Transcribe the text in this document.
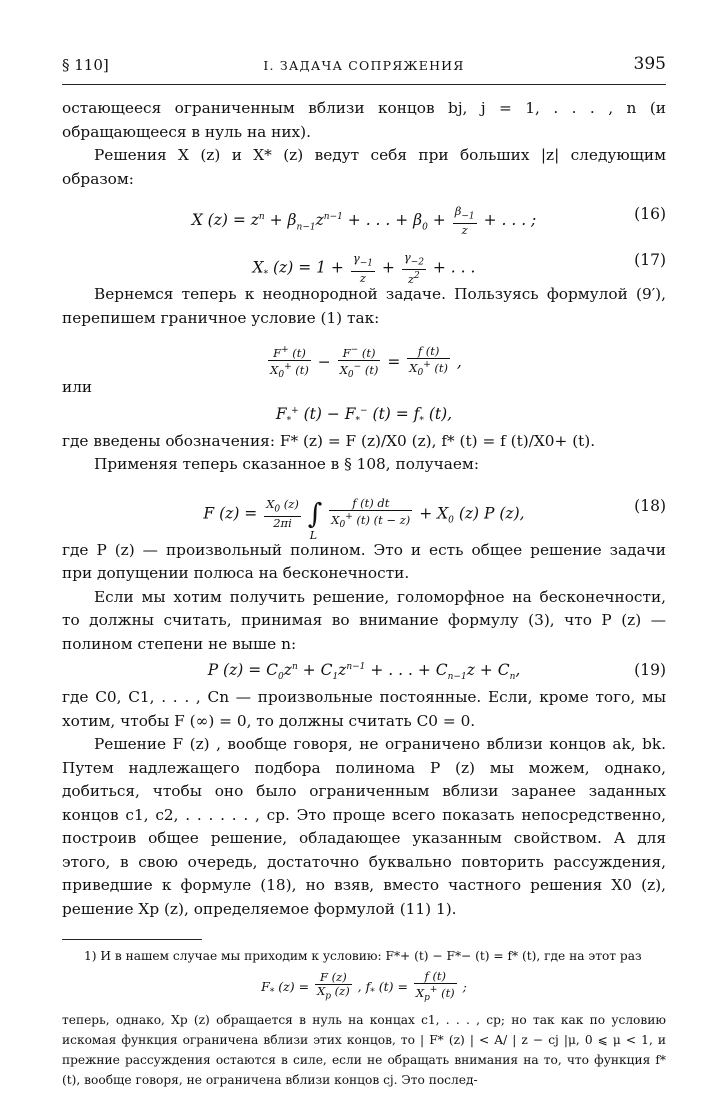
§ 110]	I. ЗАДАЧА СОПРЯЖЕНИЯ	395

остающееся ограниченным вблизи концов bj, j = 1, . . . , n (и обращающееся в нуль на них).

Решения X (z) и X* (z) ведут себя при больших |z| следующим образом:

X $(z) = z^n + \beta_{n-1}z^{n-1}$ + . . . + $\beta_0 + \frac{\beta_{-1}}{z}$ + . . . ;	(16)
$X_*$ $(z) = 1 + \frac{\gamma_{-1}}{z} + \frac{\gamma_{-2}}{z^2}$ + . . .	(17)

Вернемся теперь к неоднородной задаче. Пользуясь формулой (9′), перепишем граничное условие (1) так:

$\frac{F^+ (t)}{X_0^+ (t)} - \frac{F^- (t)}{X_0^- (t)} = \frac{f (t)}{X_0^+ (t)}$ ,

или

$F_*^+$ $(t) - F_*^-$ $(t) = f_*$ (t),

где введены обозначения: F* (z) = F (z)/X0 (z), f* (t) = f (t)/X0+ (t).

Применяя теперь сказанное в § 108, получаем:

F $(z) = \frac{X_0 (z)}{2\pi i}$ ∫
L

$\frac{f (t) dt}{X_0^+ (t) (t - z)} + X_0$ (z) P (z),	(18)

где P (z) — произвольный полином. Это и есть общее решение задачи при допущении полюса на бесконечности.

Если мы хотим получить решение, голоморфное на бесконечности, то должны считать, принимая во внимание формулу (3), что P (z) — полином степени не выше n:

P $(z) = C_0z^n + C_1z^{n-1}$ + . . . + $C_{n-1}z + C_n$,	(19)

где C0, C1, . . . , Cn — произвольные постоянные. Если, кроме того, мы хотим, чтобы F (∞) = 0, то должны считать C0 = 0.

Решение F (z) , вообще говоря, не ограничено вблизи концов ak, bk. Путем надлежащего подбора полинома P (z) мы можем, однако, добиться, чтобы оно было ограниченным вблизи заранее заданных концов c1, c2, . . . . . . , cp. Это проще всего показать непосредственно, построив общее решение, обладающее указанным свойством. А для этого, в свою очередь, достаточно буквально повторить рассуждения, приведшие к формуле (18), но взяв, вместо частного решения X0 (z), решение Xp (z), определяемое формулой (11) 1).

1) И в нашем случае мы приходим к условию: F*+ (t) − F*− (t) = f* (t), где на этот раз

$F_*$ $(z) = \frac{F (z)}{X_p (z)}$ , $f_*$ $(t) = \frac{f (t)}{X_p^+ (t)}$ ;

теперь, однако, Xp (z) обращается в нуль на концах c1, . . . , cp; но так как по условию искомая функция ограничена вблизи этих концов, то | F* (z) | < A/ | z − cj |μ, 0 ⩽ μ < 1, и прежние рассуждения остаются в силе, если не обращать внимания на то, что функция f* (t), вообще говоря, не ограничена вблизи концов cj. Это послед-
